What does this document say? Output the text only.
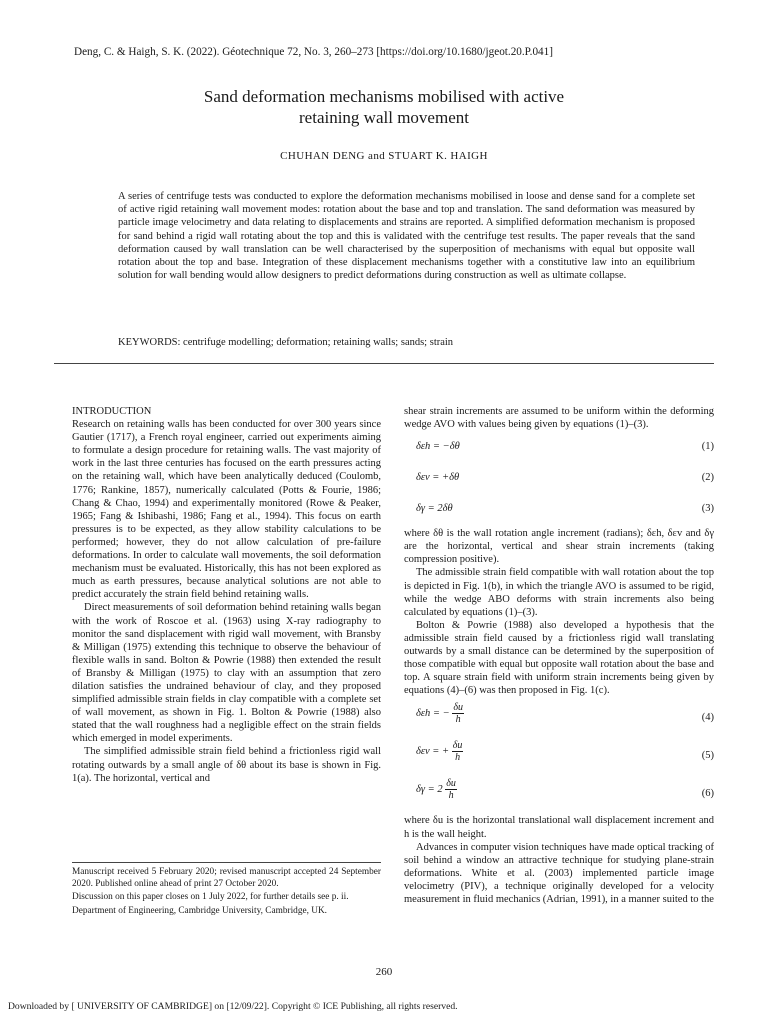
Deng, C. & Haigh, S. K. (2022). Géotechnique 72, No. 3, 260–273 [https://doi.org/10.1680/jgeot.20.P.041]
Sand deformation mechanisms mobilised with active
retaining wall movement
CHUHAN DENG and STUART K. HAIGH
A series of centrifuge tests was conducted to explore the deformation mechanisms mobilised in loose and dense sand for a complete set of active rigid retaining wall movement modes: rotation about the base and top and translation. The sand deformation was measured by particle image velocimetry and data relating to displacements and strains are reported. A simplified deformation mechanism is proposed for sand behind a rigid wall rotating about the top and this is validated with the centrifuge test results. The paper reveals that the sand deformation caused by wall translation can be well characterised by the superposition of mechanisms with equal but opposite wall rotation about the top and base. Integration of these displacement mechanisms together with a constitutive law into an equilibrium solution for wall bending would allow designers to predict deformations during construction as well as ultimate collapse.
KEYWORDS: centrifuge modelling; deformation; retaining walls; sands; strain

INTRODUCTION

Research on retaining walls has been conducted for over 300 years since Gautier (1717), a French royal engineer, carried out experiments aiming to formulate a design procedure for retaining walls. The vast majority of work in the last three centuries has focused on the earth pressures acting on the retaining wall, which have been analytically deduced (Coulomb, 1776; Rankine, 1857), numerically calculated (Potts & Fourie, 1986; Chang & Chao, 1994) and experimentally monitored (Rowe & Peaker, 1965; Fang & Ishibashi, 1986; Fang et al., 1994). This focus on earth pressures is to be expected, as they allow stability calculations to be performed; however, they do not allow calculation of pre-failure deformations. In order to calculate wall movements, the soil deformation mechanism must be evaluated. Historically, this has not been explored as much as earth pressures, because analytical solutions are not able to predict accurately the strain field behind retaining walls.

Direct measurements of soil deformation behind retaining walls began with the work of Roscoe et al. (1963) using X-ray radiography to monitor the sand displacement with rigid wall movement, with Bransby & Milligan (1975) extending this technique to observe the behaviour of flexible walls in sand. Bolton & Powrie (1988) then extended the result of Bransby & Milligan (1975) to clay with an assumption that zero dilation satisfies the undrained behaviour of clay, and they proposed simplified admissible strain fields in clay compatible with a complete set of wall movement, as shown in Fig. 1. Bolton & Powrie (1988) also stated that the wall roughness had a negligible effect on the strain fields which emerged in model experiments.

The simplified admissible strain field behind a frictionless rigid wall rotating outwards by a small angle of δθ about its base is shown in Fig. 1(a). The horizontal, vertical and

shear strain increments are assumed to be uniform within the deforming wedge AVO with values being given by equations (1)–(3).

δεh = −δθ	(1)
δεv = +δθ	(2)
δγ = 2δθ	(3)

where δθ is the wall rotation angle increment (radians); δεh, δεv and δγ are the horizontal, vertical and shear strain increments (taking compression positive).

The admissible strain field compatible with wall rotation about the top is depicted in Fig. 1(b), in which the triangle AVO is assumed to be rigid, while the wedge ABO deforms with strain increments also being calculated by equations (1)–(3).

Bolton & Powrie (1988) also developed a hypothesis that the admissible strain field caused by a frictionless rigid wall translating outwards by a small distance can be determined by the superposition of those compatible with equal but opposite wall rotation about the base and top. A square strain field with uniform strain increments being given by equations (4)–(6) was then proposed in Fig. 1(c).

δεh = − $\frac{\delta u}{h}$	(4)
δεv = + $\frac{\delta u}{h}$	(5)
$\delta\gamma = 2 \frac{\delta u}{h}$	(6)

where δu is the horizontal translational wall displacement increment and h is the wall height.

Advances in computer vision techniques have made optical tracking of soil behind a window an attractive technique for studying plane-strain deformations. White et al. (2003) implemented particle image velocimetry (PIV), a technique originally developed for a velocity measurement in fluid mechanics (Adrian, 1991), in a manner suited to the

Manuscript received 5 February 2020; revised manuscript accepted 24 September 2020. Published online ahead of print 27 October 2020.

Discussion on this paper closes on 1 July 2022, for further details see p. ii.

Department of Engineering, Cambridge University, Cambridge, UK.

260
Downloaded by [ UNIVERSITY OF CAMBRIDGE] on [12/09/22]. Copyright © ICE Publishing, all rights reserved.
